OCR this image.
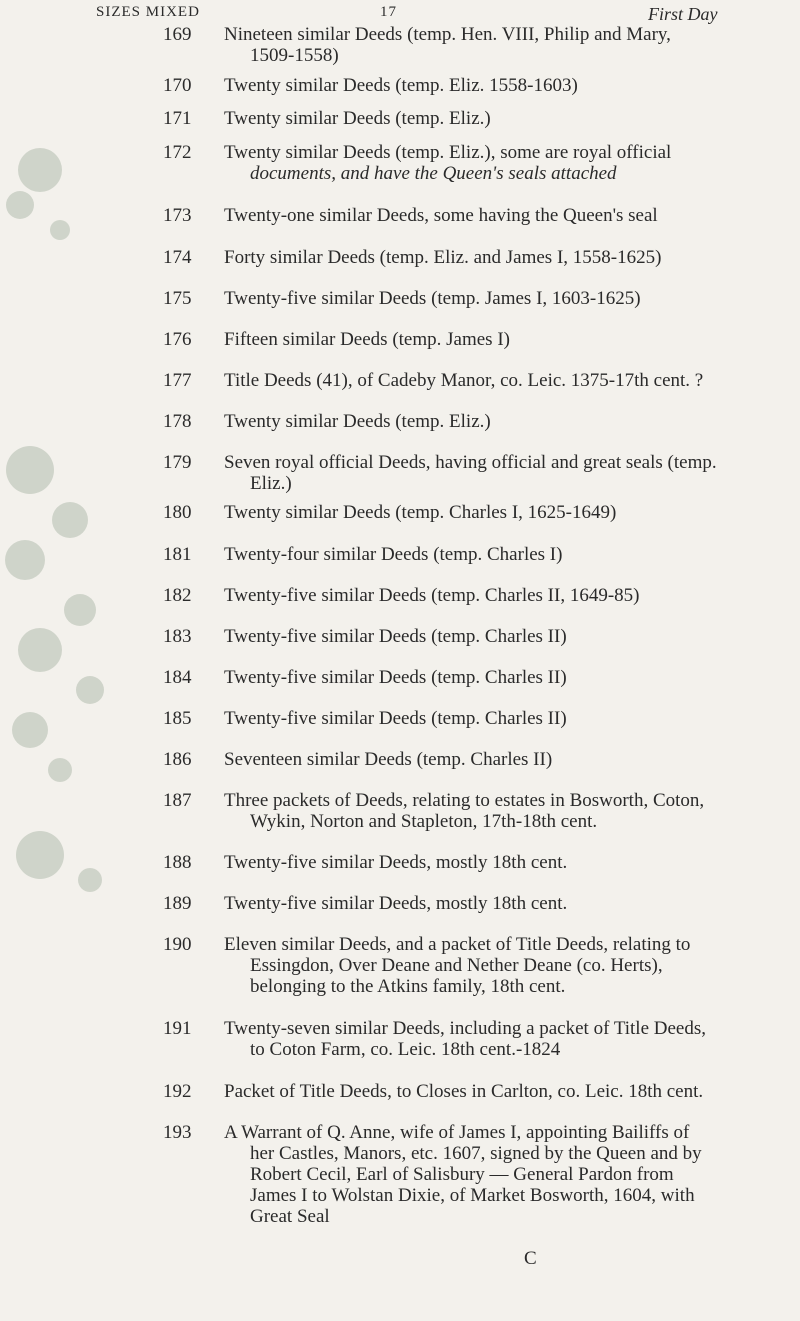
SIZES MIXED	17	First Day
169 Nineteen similar Deeds (temp. Hen. VIII, Philip and Mary,
1509-1558)
170 Twenty similar Deeds (temp. Eliz. 1558-1603)
171 Twenty similar Deeds (temp. Eliz.)
172 Twenty similar Deeds (temp. Eliz.), some are royal official
documents, and have the Queen's seals attached
173 Twenty-one similar Deeds, some having the Queen's seal
174 Forty similar Deeds (temp. Eliz. and James I, 1558-1625)
175 Twenty-five similar Deeds (temp. James I, 1603-1625)
176 Fifteen similar Deeds (temp. James I)
177 Title Deeds (41), of Cadeby Manor, co. Leic. 1375-17th cent. ?
178 Twenty similar Deeds (temp. Eliz.)
179 Seven royal official Deeds, having official and great seals (temp.
Eliz.)
180 Twenty similar Deeds (temp. Charles I, 1625-1649)
181 Twenty-four similar Deeds (temp. Charles I)
182 Twenty-five similar Deeds (temp. Charles II, 1649-85)
183 Twenty-five similar Deeds (temp. Charles II)
184 Twenty-five similar Deeds (temp. Charles II)
185 Twenty-five similar Deeds (temp. Charles II)
186 Seventeen similar Deeds (temp. Charles II)
187 Three packets of Deeds, relating to estates in Bosworth, Coton,
Wykin, Norton and Stapleton, 17th-18th cent.
188 Twenty-five similar Deeds, mostly 18th cent.
189 Twenty-five similar Deeds, mostly 18th cent.
190 Eleven similar Deeds, and a packet of Title Deeds, relating to
Essingdon, Over Deane and Nether Deane (co. Herts),
belonging to the Atkins family, 18th cent.
191 Twenty-seven similar Deeds, including a packet of Title Deeds,
to Coton Farm, co. Leic. 18th cent.-1824
192 Packet of Title Deeds, to Closes in Carlton, co. Leic. 18th cent.
193 A Warrant of Q. Anne, wife of James I, appointing Bailiffs of
her Castles, Manors, etc. 1607, signed by the Queen and by
Robert Cecil, Earl of Salisbury — General Pardon from
James I to Wolstan Dixie, of Market Bosworth, 1604, with
Great Seal
C
